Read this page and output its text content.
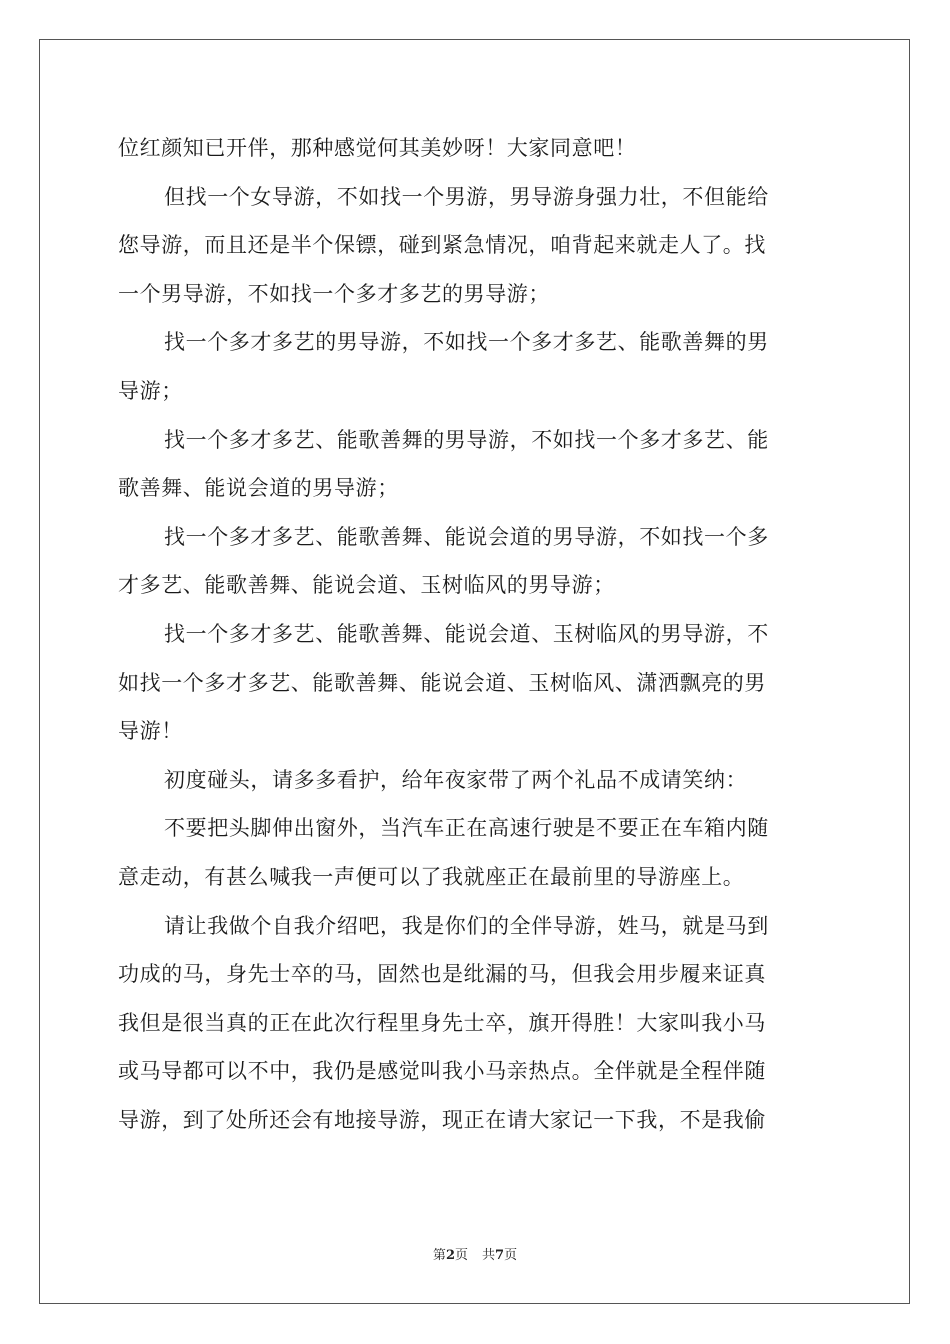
位红颜知已开伴，那种感觉何其美妙呀！大家同意吧！
但找一个女导游，不如找一个男游，男导游身强力壮，不但能给
您导游，而且还是半个保镖，碰到紧急情况，咱背起来就走人了。找
一个男导游，不如找一个多才多艺的男导游；
找一个多才多艺的男导游，不如找一个多才多艺、能歌善舞的男
导游；
找一个多才多艺、能歌善舞的男导游，不如找一个多才多艺、能
歌善舞、能说会道的男导游；
找一个多才多艺、能歌善舞、能说会道的男导游，不如找一个多
才多艺、能歌善舞、能说会道、玉树临风的男导游；
找一个多才多艺、能歌善舞、能说会道、玉树临风的男导游，不
如找一个多才多艺、能歌善舞、能说会道、玉树临风、潇洒飘亮的男
导游！
初度碰头，请多多看护，给年夜家带了两个礼品不成请笑纳：
不要把头脚伸出窗外，当汽车正在高速行驶是不要正在车箱内随
意走动，有甚么喊我一声便可以了我就座正在最前里的导游座上。
请让我做个自我介绍吧，我是你们的全伴导游，姓马，就是马到
功成的马，身先士卒的马，固然也是纰漏的马，但我会用步履来证真
我但是很当真的正在此次行程里身先士卒，旗开得胜！大家叫我小马
或马导都可以不中，我仍是感觉叫我小马亲热点。全伴就是全程伴随
导游，到了处所还会有地接导游，现正在请大家记一下我，不是我偷
第2页 共7页
